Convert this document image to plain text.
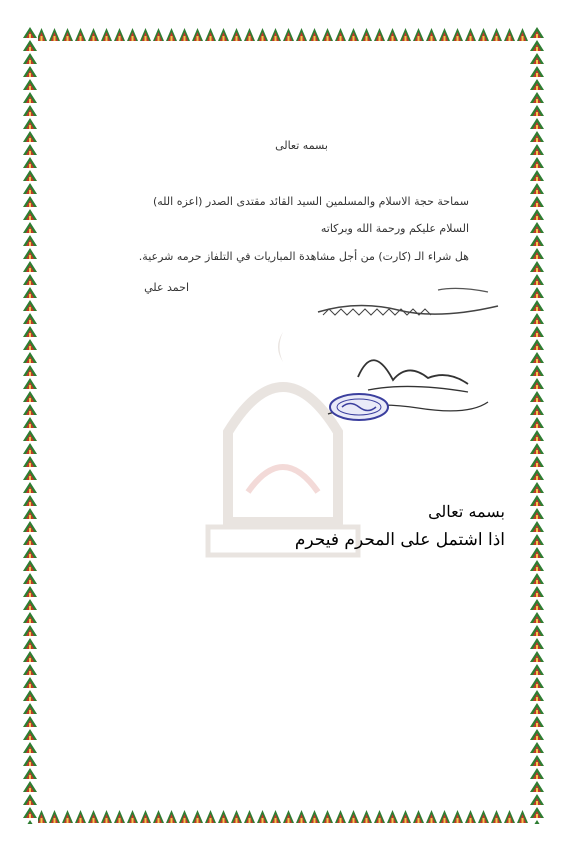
بسمه تعالى
سماحة حجة الاسلام والمسلمين السيد القائد مقتدى الصدر (اعزه الله)
السلام عليكم ورحمة الله وبركاته
هل شراء الـ (كارت) من أجل مشاهدة المباريات في التلفاز حرمه شرعية.
احمد علي
بسمه تعالى
اذا اشتمل على المحرم فيحرم
